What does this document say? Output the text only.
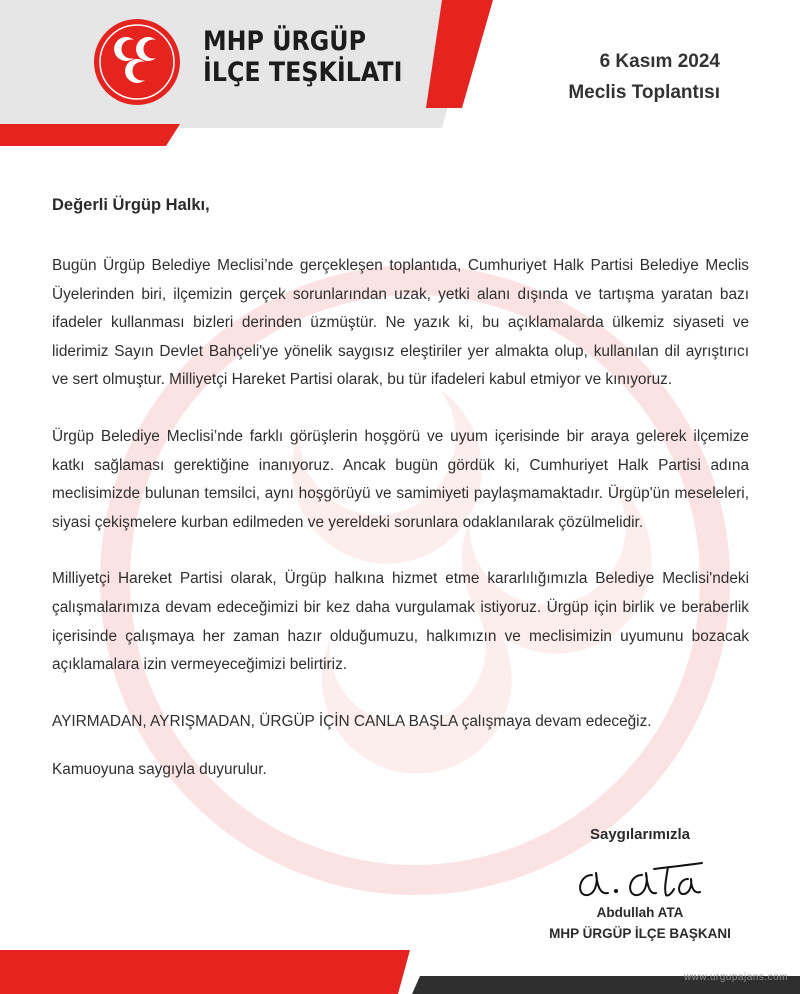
MHP ÜRGÜP
İLÇE TEŞKİLATI	6 Kasım 2024
Meclis Toplantısı

Değerli Ürgüp Halkı,

Bugün Ürgüp Belediye Meclisi’nde gerçekleşen toplantıda, Cumhuriyet Halk Partisi Belediye Meclis Üyelerinden biri, ilçemizin gerçek sorunlarından uzak, yetki alanı dışında ve tartışma yaratan bazı ifadeler kullanması bizleri derinden üzmüştür. Ne yazık ki, bu açıklamalarda ülkemiz siyaseti ve liderimiz Sayın Devlet Bahçeli'ye yönelik saygısız eleştiriler yer almakta olup, kullanılan dil ayrıştırıcı ve sert olmuştur. Milliyetçi Hareket Partisi olarak, bu tür ifadeleri kabul etmiyor ve kınıyoruz.

Ürgüp Belediye Meclisi’nde farklı görüşlerin hoşgörü ve uyum içerisinde bir araya gelerek ilçemize katkı sağlaması gerektiğine inanıyoruz. Ancak bugün gördük ki, Cumhuriyet Halk Partisi adına meclisimizde bulunan temsilci, aynı hoşgörüyü ve samimiyeti paylaşmamaktadır. Ürgüp'ün meseleleri, siyasi çekişmelere kurban edilmeden ve yereldeki sorunlara odaklanılarak çözülmelidir.

Milliyetçi Hareket Partisi olarak, Ürgüp halkına hizmet etme kararlılığımızla Belediye Meclisi'ndeki çalışmalarımıza devam edeceğimizi bir kez daha vurgulamak istiyoruz. Ürgüp için birlik ve beraberlik içerisinde çalışmaya her zaman hazır olduğumuzu, halkımızın ve meclisimizin uyumunu bozacak açıklamalara izin vermeyeceğimizi belirtiriz.

AYIRMADAN, AYRIŞMADAN, ÜRGÜP İÇİN CANLA BAŞLA çalışmaya devam edeceğiz.

Kamuoyuna saygıyla duyurulur.

Saygılarımızla
Abdullah ATA
MHP ÜRGÜP İLÇE BAŞKANI
www.urgupajans.com
